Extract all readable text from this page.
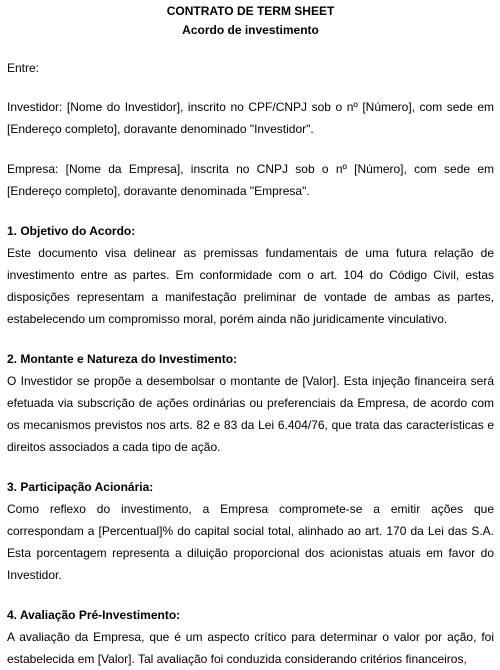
CONTRATO DE TERM SHEET
Acordo de investimento

Entre:

Investidor: [Nome do Investidor], inscrito no CPF/CNPJ sob o nº [Número], com sede em [Endereço completo], doravante denominado "Investidor".

Empresa: [Nome da Empresa], inscrita no CNPJ sob o nº [Número], com sede em [Endereço completo], doravante denominada "Empresa".

1. Objetivo do Acordo:

Este documento visa delinear as premissas fundamentais de uma futura relação de investimento entre as partes. Em conformidade com o art. 104 do Código Civil, estas disposições representam a manifestação preliminar de vontade de ambas as partes, estabelecendo um compromisso moral, porém ainda não juridicamente vinculativo.

2. Montante e Natureza do Investimento:

O Investidor se propõe a desembolsar o montante de [Valor]. Esta injeção financeira será efetuada via subscrição de ações ordinárias ou preferenciais da Empresa, de acordo com os mecanismos previstos nos arts. 82 e 83 da Lei 6.404/76, que trata das características e direitos associados a cada tipo de ação.

3. Participação Acionária:

Como reflexo do investimento, a Empresa compromete-se a emitir ações que correspondam a [Percentual]% do capital social total, alinhado ao art. 170 da Lei das S.A. Esta porcentagem representa a diluição proporcional dos acionistas atuais em favor do Investidor.

4. Avaliação Pré-Investimento:

A avaliação da Empresa, que é um aspecto crítico para determinar o valor por ação, foi estabelecida em [Valor]. Tal avaliação foi conduzida considerando critérios financeiros,
